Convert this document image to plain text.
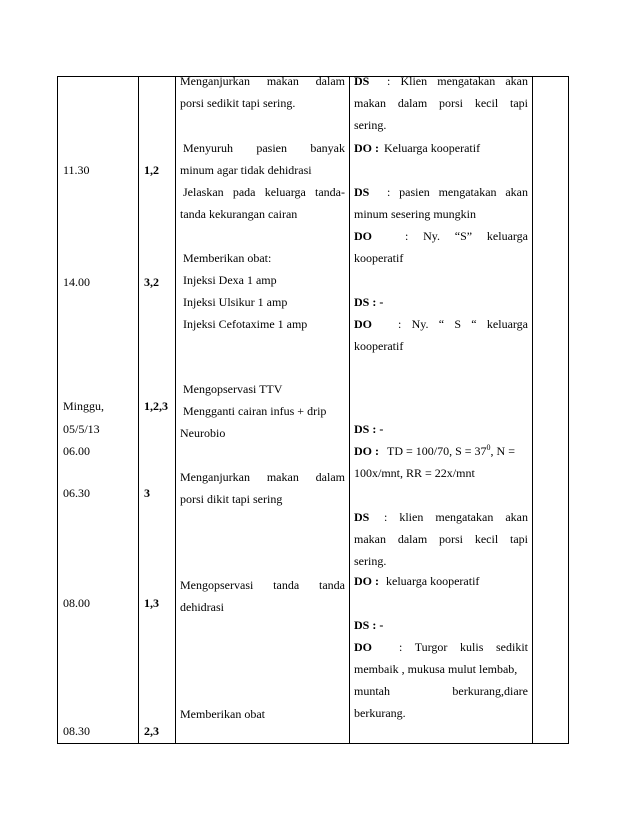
11.30
14.00
Minggu,
05/5/13
06.00
06.30
08.00
08.30
1,2
3,2
1,2,3
3
1,3
2,3
Menganjurkan makan dalam
porsi sedikit tapi sering.
Menyuruh pasien banyak
minum agar tidak dehidrasi
Jelaskan pada keluarga tanda-
tanda kekurangan cairan
Memberikan obat:
Injeksi Dexa 1 amp
Injeksi Ulsikur 1 amp
Injeksi Cefotaxime 1 amp
Mengopservasi TTV
Mengganti cairan infus + drip
Neurobio
Menganjurkan makan dalam
porsi dikit tapi sering
Mengopservasi tanda tanda
dehidrasi
Memberikan obat
DS : Klien mengatakan akan
makan dalam porsi kecil tapi
sering.
DO : Keluarga kooperatif
DS : pasien mengatakan akan
minum sesering mungkin
DO	: Ny. “S” keluarga
kooperatif
DS : -
DO : Ny. “ S “ keluarga
kooperatif
DS : -
DO : TD = 100/70, $S = 37^0$, N =
100x/mnt, RR = 22x/mnt
DS : klien mengatakan akan
makan dalam porsi kecil tapi
sering.
DO : keluarga kooperatif
DS : -
DO : Turgor kulis sedikit
membaik , mukusa mulut lembab,
muntah berkurang,diare
berkurang.
